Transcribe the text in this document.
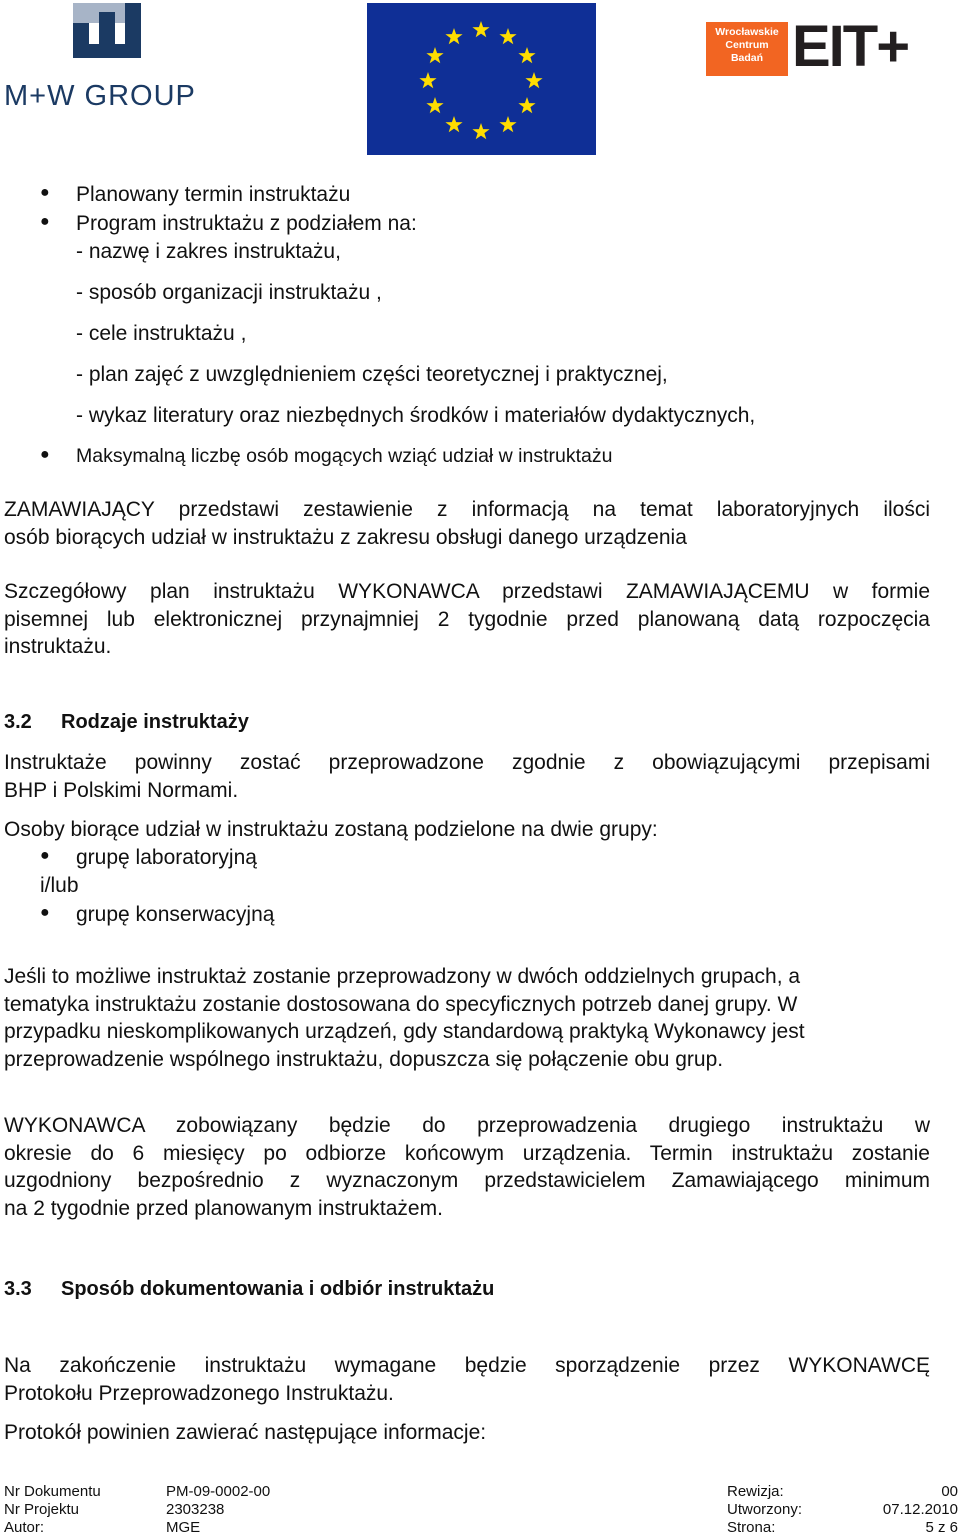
M+W GROUP
Wrocławskie
Centrum
Badań EIT+
● Planowany termin instruktażu
● Program instruktażu z podziałem na:
- nazwę i zakres instruktażu,
- sposób organizacji instruktażu ,
- cele instruktażu ,
- plan zajęć z uwzględnieniem części teoretycznej i praktycznej,
- wykaz literatury oraz niezbędnych środków i materiałów dydaktycznych,
● Maksymalną liczbę osób mogących wziąć udział w instruktażu
ZAMAWIAJĄCY przedstawi zestawienie z informacją na temat laboratoryjnych ilości
osób biorących udział w instruktażu z zakresu obsługi danego urządzenia
Szczegółowy plan instruktażu WYKONAWCA przedstawi ZAMAWIAJĄCEMU w formie
pisemnej lub elektronicznej przynajmniej 2 tygodnie przed planowaną datą rozpoczęcia
instruktażu.
3.2 Rodzaje instruktaży
Instruktaże powinny zostać przeprowadzone zgodnie z obowiązującymi przepisami
BHP i Polskimi Normami.
Osoby biorące udział w instruktażu zostaną podzielone na dwie grupy:
● grupę laboratoryjną
i/lub
● grupę konserwacyjną
Jeśli to możliwe instruktaż zostanie przeprowadzony w dwóch oddzielnych grupach, a
tematyka instruktażu zostanie dostosowana do specyficznych potrzeb danej grupy. W
przypadku nieskomplikowanych urządzeń, gdy standardową praktyką Wykonawcy jest
przeprowadzenie wspólnego instruktażu, dopuszcza się połączenie obu grup.
WYKONAWCA zobowiązany będzie do przeprowadzenia drugiego instruktażu w
okresie do 6 miesięcy po odbiorze końcowym urządzenia. Termin instruktażu zostanie
uzgodniony bezpośrednio z wyznaczonym przedstawicielem Zamawiającego minimum
na 2 tygodnie przed planowanym instruktażem.
3.3 Sposób dokumentowania i odbiór instruktażu
Na zakończenie instruktażu wymagane będzie sporządzenie przez WYKONAWCĘ
Protokołu Przeprowadzonego Instruktażu.
Protokół powinien zawierać następujące informacje:
Nr Dokumentu	PM-09-0002-00	Rewizja:	00
Nr Projektu	2303238	Utworzony:	07.12.2010
Autor:	MGE	Strona:	5 z 6
